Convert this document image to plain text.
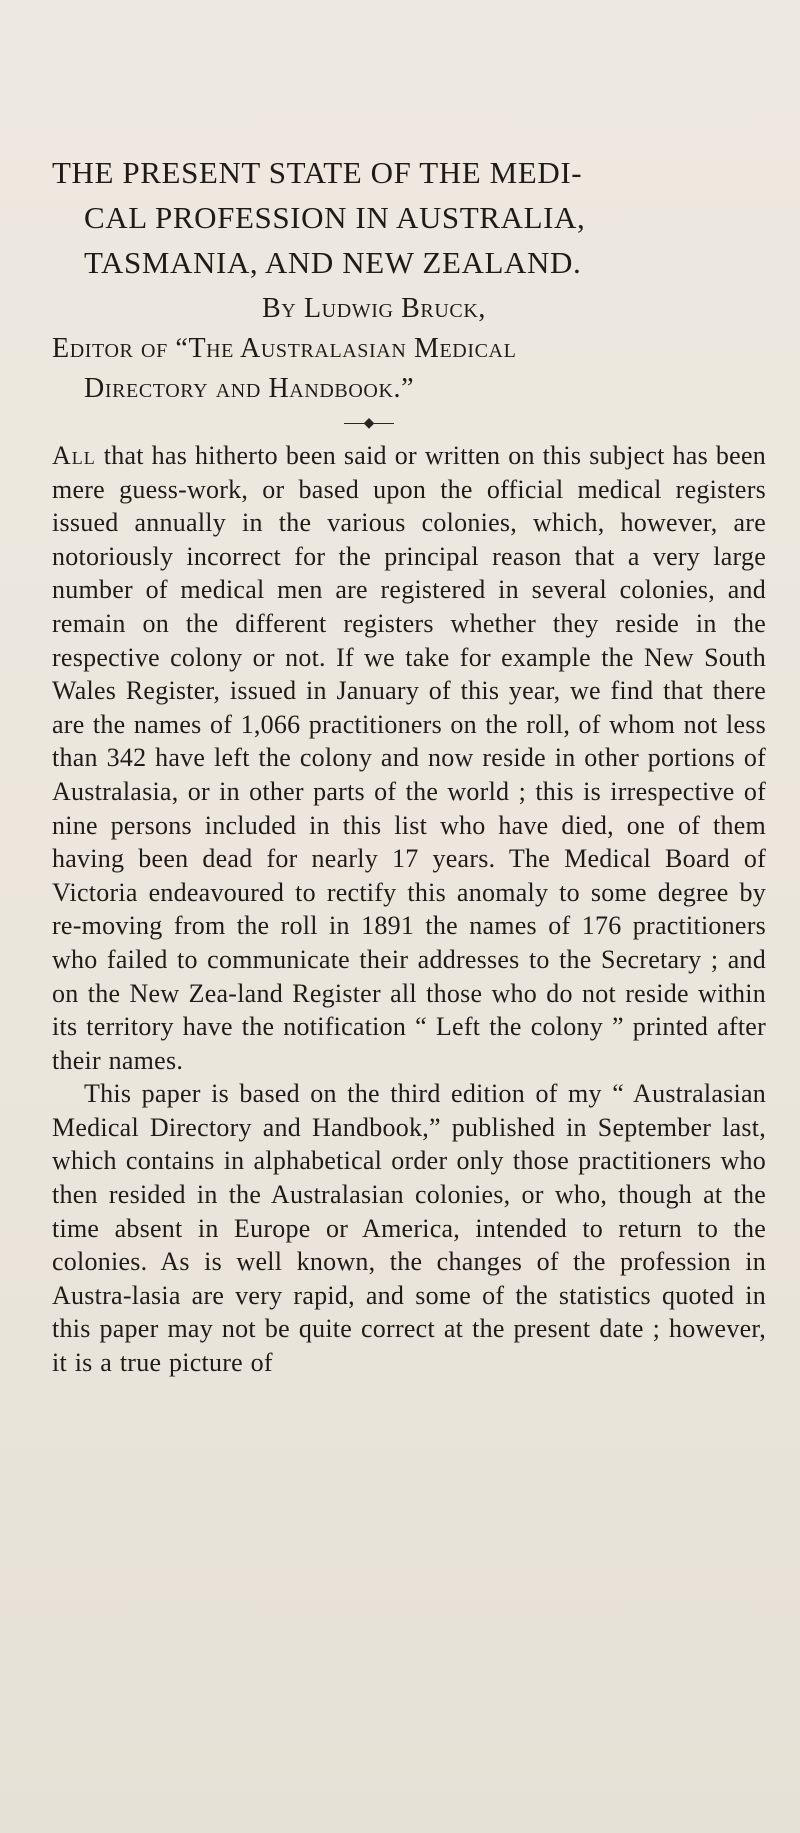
THE PRESENT STATE OF THE MEDI-
CAL PROFESSION IN AUSTRALIA,
TASMANIA, AND NEW ZEALAND.
By Ludwig Bruck,
Editor of “The Australasian Medical
Directory and Handbook.”
◆

All that has hitherto been said or written on this subject has been mere guess-work, or based upon the official medical registers issued annually in the various colonies, which, however, are notoriously incorrect for the principal reason that a very large number of medical men are registered in several colonies, and remain on the different registers whether they reside in the respective colony or not. If we take for example the New South Wales Register, issued in January of this year, we find that there are the names of 1,066 practitioners on the roll, of whom not less than 342 have left the colony and now reside in other portions of Australasia, or in other parts of the world ; this is irrespective of nine persons included in this list who have died, one of them having been dead for nearly 17 years. The Medical Board of Victoria endeavoured to rectify this anomaly to some degree by re-moving from the roll in 1891 the names of 176 practitioners who failed to communicate their addresses to the Secretary ; and on the New Zea-land Register all those who do not reside within its territory have the notification “ Left the colony ” printed after their names.

This paper is based on the third edition of my “ Australasian Medical Directory and Handbook,” published in September last, which contains in alphabetical order only those practitioners who then resided in the Australasian colonies, or who, though at the time absent in Europe or America, intended to return to the colonies. As is well known, the changes of the profession in Austra-lasia are very rapid, and some of the statistics quoted in this paper may not be quite correct at the present date ; however, it is a true picture of
